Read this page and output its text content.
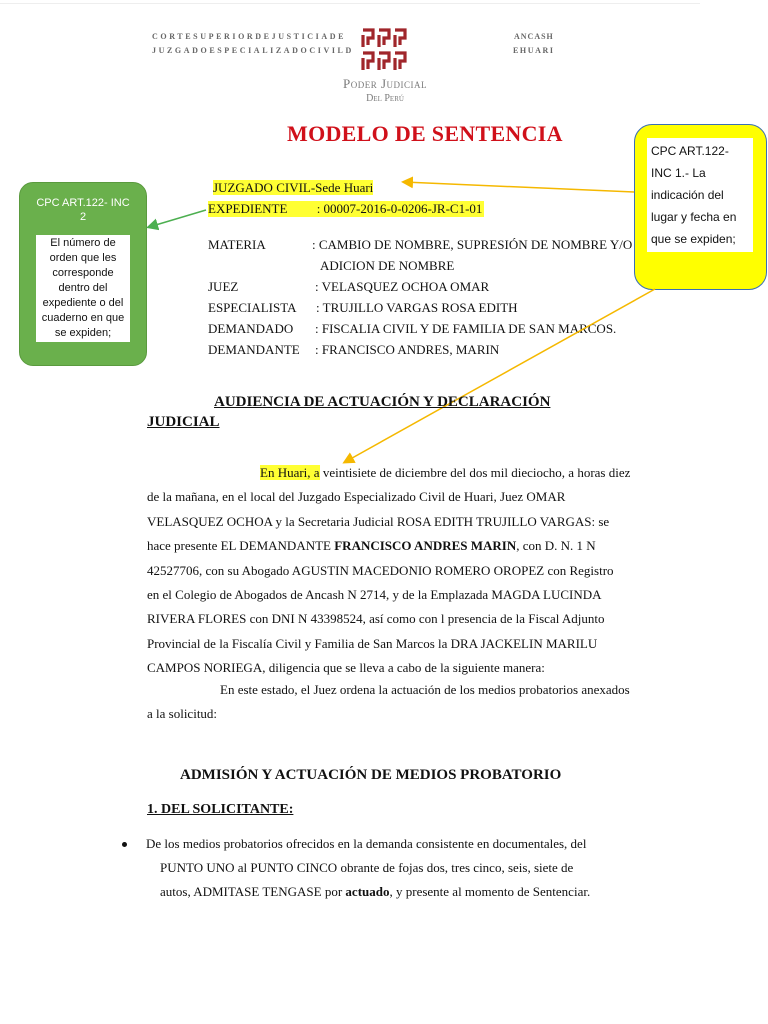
CORTESUPERIORDEJUSTICIADE
JUZGADOESPECIALIZADOCIVILD
ANCASH
EHUARI
Poder Judicial
Del Perú
MODELO DE SENTENCIA
JUZGADO CIVIL-Sede Huari
EXPEDIENTE : 00007-2016-0-0206-JR-C1-01
MATERIA	: CAMBIO DE NOMBRE, SUPRESIÓN DE NOMBRE Y/O
ADICION DE NOMBRE
JUEZ	: VELASQUEZ OCHOA OMAR
ESPECIALISTA : TRUJILLO VARGAS ROSA EDITH
DEMANDADO : FISCALIA CIVIL Y DE FAMILIA DE SAN MARCOS.
DEMANDANTE : FRANCISCO ANDRES, MARIN
CPC ART.122- INC 2
El número de orden que les corresponde dentro del expediente o del cuaderno en que se expiden;
CPC ART.122- INC 1.- La indicación del lugar y fecha en que se expiden;
AUDIENCIA DE ACTUACIÓN Y DECLARACIÓN
JUDICIAL
En Huari, a veintisiete de diciembre del dos mil dieciocho, a horas diez
de la mañana, en el local del Juzgado Especializado Civil de Huari, Juez OMAR
VELASQUEZ OCHOA y la Secretaria Judicial ROSA EDITH TRUJILLO VARGAS: se
hace presente EL DEMANDANTE FRANCISCO ANDRES MARIN, con D. N. 1 N
42527706, con su Abogado AGUSTIN MACEDONIO ROMERO OROPEZ con Registro
en el Colegio de Abogados de Ancash N 2714, y de la Emplazada MAGDA LUCINDA
RIVERA FLORES con DNI N 43398524, así como con l presencia de la Fiscal Adjunto
Provincial de la Fiscalía Civil y Familia de San Marcos la DRA JACKELIN MARILU
CAMPOS NORIEGA, diligencia que se lleva a cabo de la siguiente manera:
En este estado, el Juez ordena la actuación de los medios probatorios anexados
a la solicitud:
ADMISIÓN Y ACTUACIÓN DE MEDIOS PROBATORIO
1. DEL SOLICITANTE:
De los medios probatorios ofrecidos en la demanda consistente en documentales, del
PUNTO UNO al PUNTO CINCO obrante de fojas dos, tres cinco, seis, siete de
autos, ADMITASE TENGASE por actuado, y presente al momento de Sentenciar.
